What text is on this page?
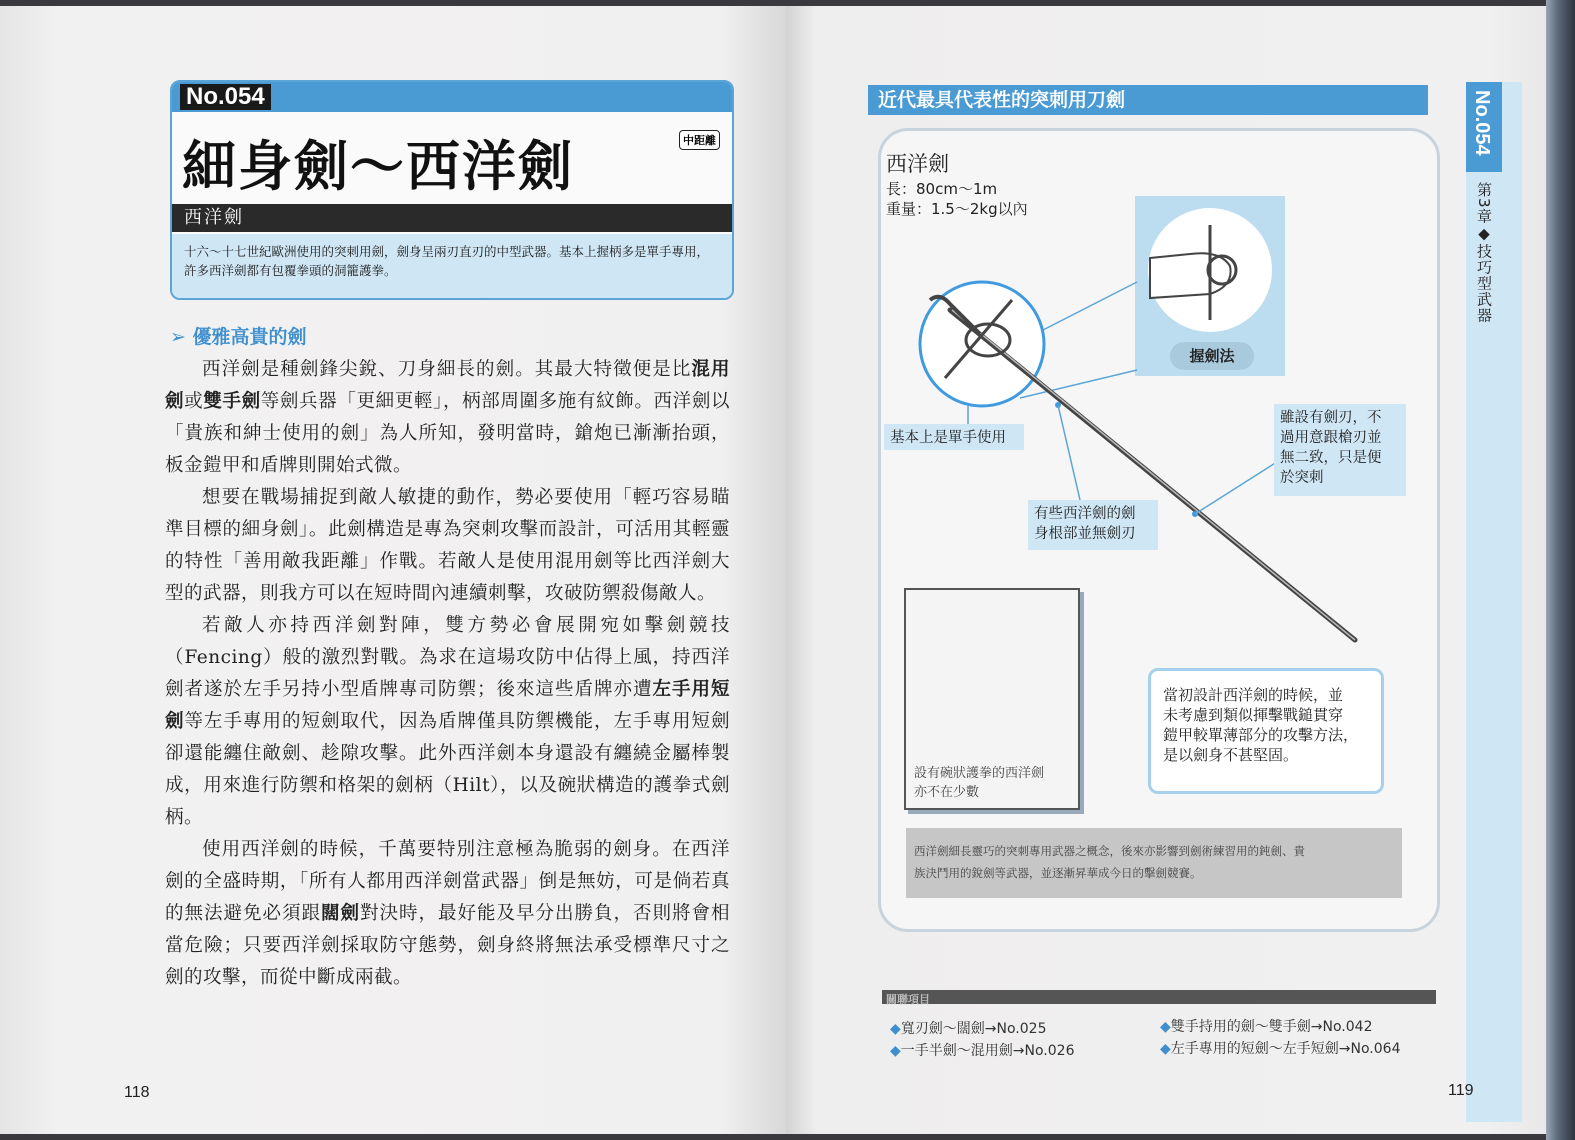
No.054
細身劍～西洋劍	中距離
西洋劍
十六～十七世紀歐洲使用的突刺用劍，劍身呈兩刃直刃的中型武器。基本上握柄多是單手專用，許多西洋劍都有包覆拳頭的洞籠護拳。
➢ 優雅高貴的劍

西洋劍是種劍鋒尖銳、刀身細長的劍。其最大特徵便是比混用劍或雙手劍等劍兵器「更細更輕」，柄部周圍多施有紋飾。西洋劍以「貴族和紳士使用的劍」為人所知，發明當時，鎗炮已漸漸抬頭，板金鎧甲和盾牌則開始式微。

想要在戰場捕捉到敵人敏捷的動作，勢必要使用「輕巧容易瞄準目標的細身劍」。此劍構造是專為突刺攻擊而設計，可活用其輕靈的特性「善用敵我距離」作戰。若敵人是使用混用劍等比西洋劍大型的武器，則我方可以在短時間內連續刺擊，攻破防禦殺傷敵人。

若敵人亦持西洋劍對陣，雙方勢必會展開宛如擊劍競技（Fencing）般的激烈對戰。為求在這場攻防中佔得上風，持西洋劍者遂於左手另持小型盾牌專司防禦；後來這些盾牌亦遭左手用短劍等左手專用的短劍取代，因為盾牌僅具防禦機能，左手專用短劍卻還能纏住敵劍、趁隙攻擊。此外西洋劍本身還設有纏繞金屬棒製成，用來進行防禦和格架的劍柄（Hilt），以及碗狀構造的護拳式劍柄。

使用西洋劍的時候，千萬要特別注意極為脆弱的劍身。在西洋劍的全盛時期，「所有人都用西洋劍當武器」倒是無妨，可是倘若真的無法避免必須跟闊劍對決時，最好能及早分出勝負，否則將會相當危險；只要西洋劍採取防守態勢，劍身終將無法承受標準尺寸之劍的攻擊，而從中斷成兩截。

118
No.054
第3章◆技巧型武器
近代最具代表性的突刺用刀劍
西洋劍
長：80cm～1m
重量：1.5～2kg以內
握劍法
基本上是單手使用
雖設有劍刃，不
過用意跟槍刃並
無二致，只是便
於突刺
有些西洋劍的劍
身根部並無劍刃
設有碗狀護拳的西洋劍
亦不在少數
當初設計西洋劍的時候，並
未考慮到類似揮擊戰鎚貫穿
鎧甲較單薄部分的攻擊方法，
是以劍身不甚堅固。
西洋劍細長靈巧的突刺專用武器之概念，後來亦影響到劍術練習用的鈍劍、貴
族決鬥用的銳劍等武器，並逐漸昇華成今日的擊劍競賽。
關聯項目
◆寬刃劍～闊劍→No.025
◆一手半劍～混用劍→No.026
◆雙手持用的劍～雙手劍→No.042
◆左手專用的短劍～左手短劍→No.064
119
